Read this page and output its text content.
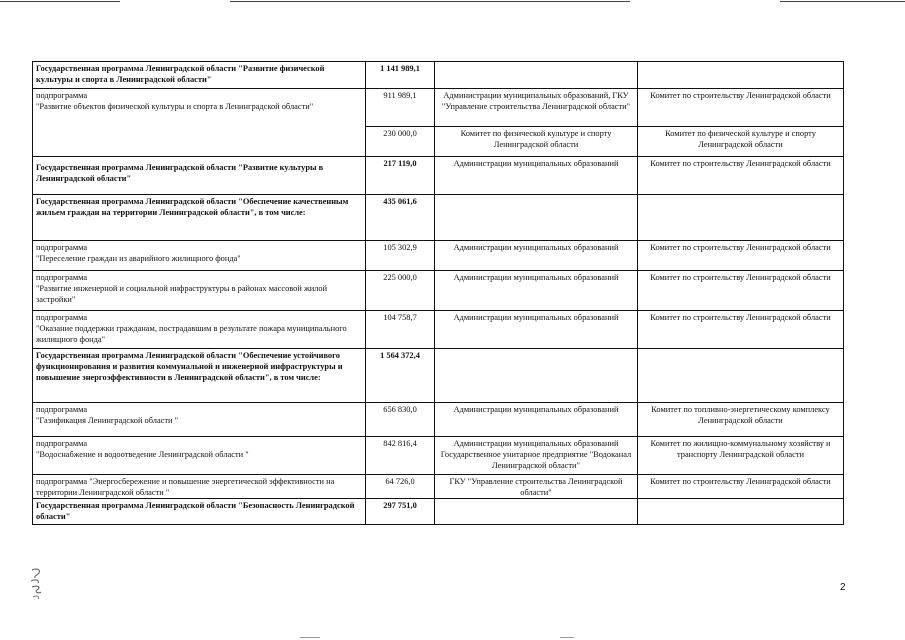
Государственная программа Ленинградской области "Развитие физической культуры и спорта в Ленинградской области"	1 141 989,1		

подпрограмма
"Развитие объектов физической культуры и спорта в Ленинградской области"	911 989,1	Администрации муниципальных образований, ГКУ "Управление строительства Ленинградской области"	Комитет по строительству Ленинградской области
	230 000,0	Комитет по физической культуре и спорту Ленинградской области	Комитет по физической культуре и спорту Ленинградской области
Государственная программа Ленинградской области "Развитие культуры в Ленинградской области"	217 119,0	Администрации муниципальных образований	Комитет по строительству Ленинградской области
Государственная программа Ленинградской области "Обеспечение качественным жильем граждан на территории Ленинградской области", в том числе:	435 061,6		

подпрограмма
"Переселение граждан из аварийного жилищного фонда"	105 302,9	Администрации муниципальных образований	Комитет по строительству Ленинградской области

подпрограмма
"Развитие инженерной и социальной инфраструктуры в районах массовой жилой застройки"	225 000,0	Администрации муниципальных образований	Комитет по строительству Ленинградской области

подпрограмма
"Оказание поддержки гражданам, пострадавшим в результате пожара муниципального жилищного фонда"	104 758,7	Администрации муниципальных образований	Комитет по строительству Ленинградской области
Государственная программа Ленинградской области "Обеспечение устойчивого функционирования и развития коммунальной и инженерной инфраструктуры и повышение энергоэффективности в Ленинградской области", в том числе:	1 564 372,4		

подпрограмма
"Газификация Ленинградской области "	656 830,0	Администрации муниципальных образований	Комитет по топливно-энергетическому комплексу Ленинградской области

подпрограмма
"Водоснабжение и водоотведение Ленинградской области "	842 816,4	Администрации муниципальных образований Государственное унитарное предприятие "Водоканал Ленинградской области"	Комитет по жилищно-коммунальному хозяйству и транспорту Ленинградской области
подпрограмма "Энергосбережение и повышение энергетической эффективности на территории Ленинградской области "	64 726,0	ГКУ "Управление строительства Ленинградской области"	Комитет по строительству Ленинградской области
Государственная программа Ленинградской области "Безопасность Ленинградской области"	297 751,0		
2
